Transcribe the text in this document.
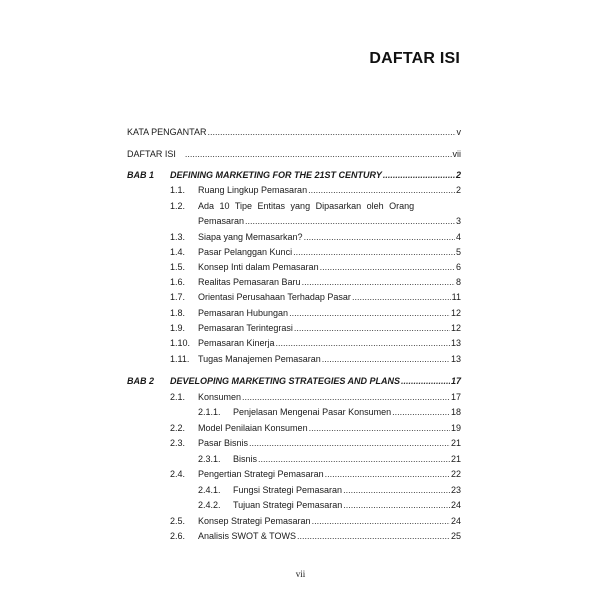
DAFTAR ISI
KATA PENGANTAR .....	v
DAFTAR ISI .....	vii
BAB 1	DEFINING MARKETING FOR THE 21ST CENTURY .....	2
1.1.	Ruang Lingkup Pemasaran .....	2
1.2.	Ada 10 Tipe Entitas yang Dipasarkan oleh Orang
Pemasaran .....	3
1.3.	Siapa yang Memasarkan? .....	4
1.4.	Pasar Pelanggan Kunci .....	5
1.5.	Konsep Inti dalam Pemasaran .....	6
1.6.	Realitas Pemasaran Baru .....	8
1.7.	Orientasi Perusahaan Terhadap Pasar .....	11
1.8.	Pemasaran Hubungan .....	12
1.9.	Pemasaran Terintegrasi .....	12
1.10. Pemasaran Kinerja .....	13
1.11. Tugas Manajemen Pemasaran .....	13
BAB 2	DEVELOPING MARKETING STRATEGIES AND PLANS .....	17
2.1.	Konsumen .....	17
2.1.1.	Penjelasan Mengenai Pasar Konsumen .....	18
2.2.	Model Penilaian Konsumen .....	19
2.3.	Pasar Bisnis .....	21
2.3.1.	Bisnis .....	21
2.4.	Pengertian Strategi Pemasaran .....	22
2.4.1.	Fungsi Strategi Pemasaran .....	23
2.4.2.	Tujuan Strategi Pemasaran .....	24
2.5.	Konsep Strategi Pemasaran .....	24
2.6.	Analisis SWOT & TOWS .....	25
vii
